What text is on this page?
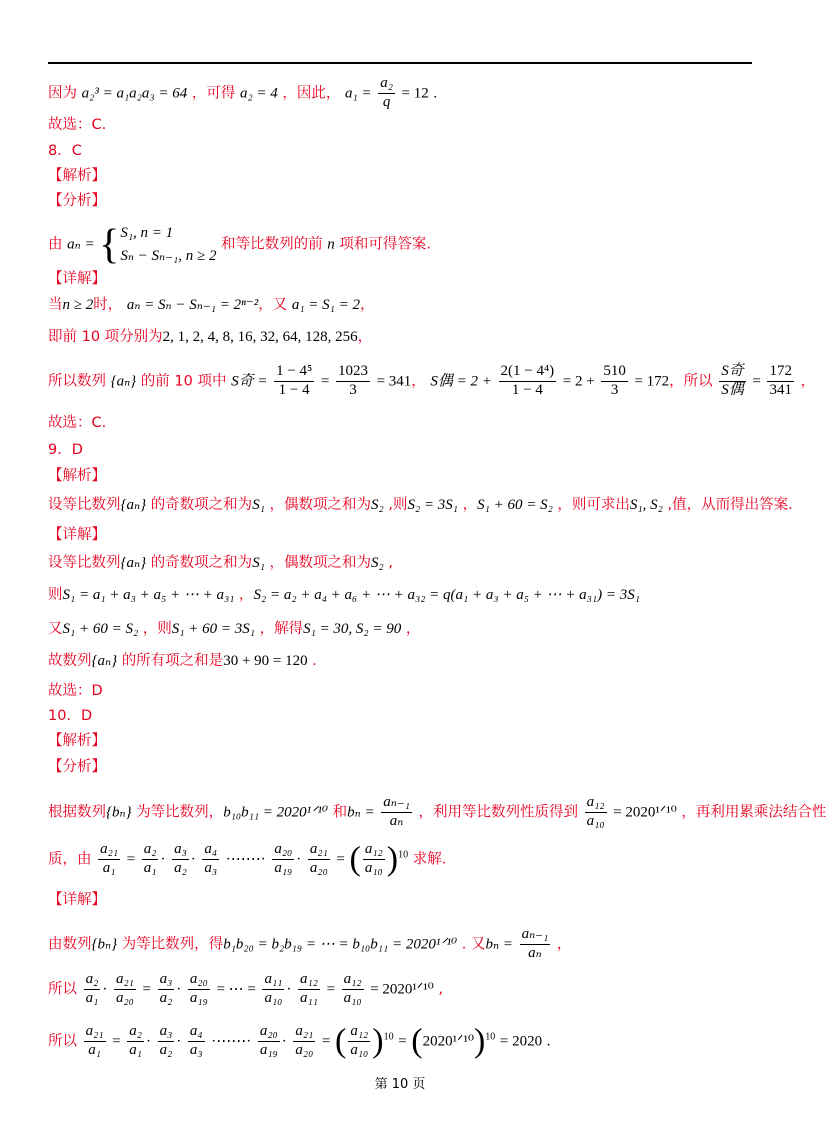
因为 a₂³ = a₁a₂a₃ = 64 ，可得 a₂ = 4 ，因此， $a_1 = \frac{\text{a₂}}{q} = 12$ .
故选：C.
8．C
【解析】
【分析】
由 aₙ = { S₁, n = 1
Sₙ − Sₙ₋₁, n ≥ 2
和等比数列的前 n 项和可得答案.
【详解】
当n ≥ 2时， aₙ = Sₙ − Sₙ₋₁ = 2ⁿ⁻²，又 a₁ = S₁ = 2，
即前 10 项分别为2, 1, 2, 4, 8, 16, 32, 64, 128, 256，
所以数列 {aₙ} 的前 10 项中 S奇 = $\frac{\text{1 − 4⁵}}{1 - 4} = \frac{1023}{3} = 341$， S偶 = $2 + \frac{\text{2(1 − 4⁴)}}{1 - 4} = 2 + \frac{510}{3} = 172$，所以 $\frac{\text{S奇}}{\text{S偶}} = \frac{172}{341}$ ，
故选：C.
9．D
【解析】
设等比数列{aₙ} 的奇数项之和为S₁ ，偶数项之和为S₂ ,则S₂ = 3S₁ ，S₁ + 60 = S₂ ，则可求出S₁, S₂ ,值，从而得出答案.
【详解】
设等比数列{aₙ} 的奇数项之和为S₁ ，偶数项之和为S₂ ,
则S₁ = a₁ + a₃ + a₅ + ⋯ + a₃₁ ，S₂ = a₂ + a₄ + a₆ + ⋯ + a₃₂ = q(a₁ + a₃ + a₅ + ⋯ + a₃₁) = 3S₁
又S₁ + 60 = S₂ ，则S₁ + 60 = 3S₁ ，解得S₁ = 30, S₂ = 90 ，
故数列{aₙ} 的所有项之和是30 + 90 = 120 .
故选：D
10．D
【解析】
【分析】
根据数列{bₙ} 为等比数列，b₁₀b₁₁ = 2020¹ᐟ¹⁰ 和$b_n = \frac{\text{aₙ₋₁}}{\text{aₙ}}$ ，利用等比数列性质得到 $\frac{\text{a₁₂}}{\text{a₁₀}}$ = 2020¹ᐟ¹⁰ ，再利用累乘法结合性
质，由 $\frac{\text{a₂₁}}{\text{a₁}} = \frac{\text{a₂}}{\text{a₁}} \cdot \frac{\text{a₃}}{\text{a₂}} \cdot \frac{\text{a₄}}{\text{a₃}}$ ·⋯⋯· $\frac{\text{a₂₀}}{\text{a₁₉}} \cdot \frac{\text{a₂₁}}{\text{a₂₀}}$ = ( $\frac{\text{a₁₂}}{\text{a₁₀}} )^{10}$ 求解.
【详解】
由数列{bₙ} 为等比数列，得b₁b₂₀ = b₂b₁₉ = ⋯ = b₁₀b₁₁ = 2020¹ᐟ¹⁰ . 又$b_n = \frac{\text{aₙ₋₁}}{\text{aₙ}}$ ，
所以 $\frac{\text{a₂}}{\text{a₁}} \cdot \frac{\text{a₂₁}}{\text{a₂₀}} = \frac{\text{a₃}}{\text{a₂}} \cdot \frac{\text{a₂₀}}{\text{a₁₉}}$ = ⋯ = $\frac{\text{a₁₁}}{\text{a₁₀}} \cdot \frac{\text{a₁₂}}{\text{a₁₁}} = \frac{\text{a₁₂}}{\text{a₁₀}}$ = 2020¹ᐟ¹⁰ ,
所以 $\frac{\text{a₂₁}}{\text{a₁}} = \frac{\text{a₂}}{\text{a₁}} \cdot \frac{\text{a₃}}{\text{a₂}} \cdot \frac{\text{a₄}}{\text{a₃}}$ ·⋯⋯· $\frac{\text{a₂₀}}{\text{a₁₉}} \cdot \frac{\text{a₂₁}}{\text{a₂₀}}$ = ( $\frac{\text{a₁₂}}{\text{a₁₀}} )^{10}$ = (2020¹ᐟ¹⁰)$^{10}$ = 2020 .
第 10 页
